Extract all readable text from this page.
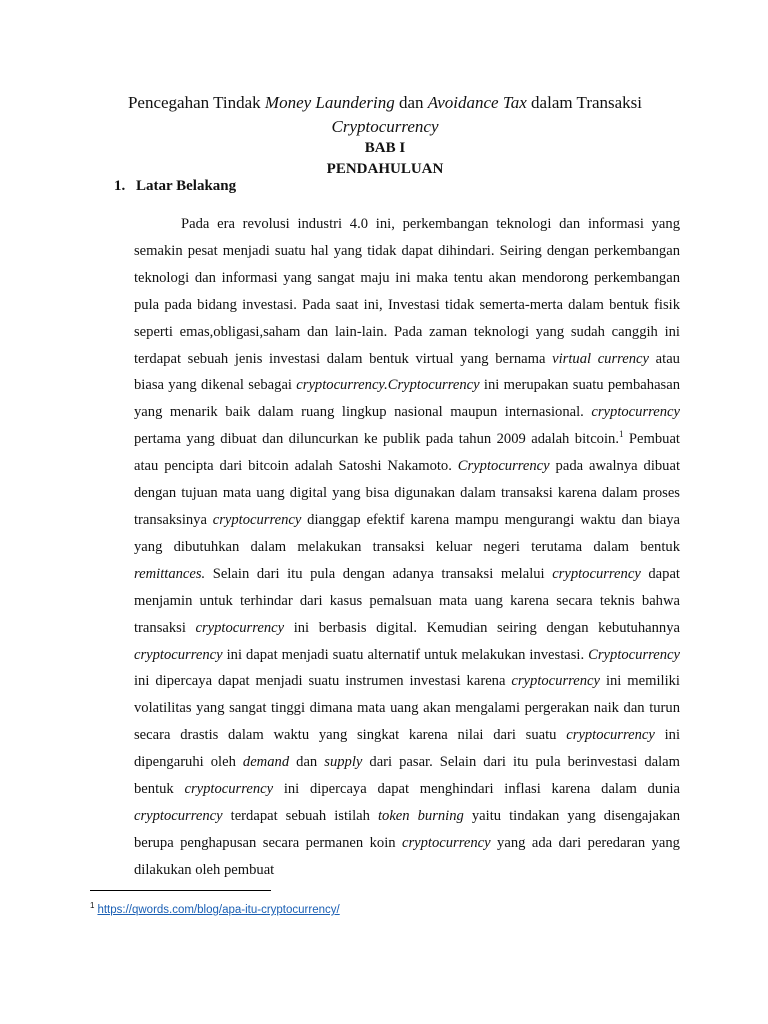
Pencegahan Tindak Money Laundering dan Avoidance Tax dalam Transaksi
Cryptocurrency
BAB I
PENDAHULUAN
1. Latar Belakang

Pada era revolusi industri 4.0 ini, perkembangan teknologi dan informasi yang semakin pesat menjadi suatu hal yang tidak dapat dihindari. Seiring dengan perkembangan teknologi dan informasi yang sangat maju ini maka tentu akan mendorong perkembangan pula pada bidang investasi. Pada saat ini, Investasi tidak semerta-merta dalam bentuk fisik seperti emas,obligasi,saham dan lain-lain. Pada zaman teknologi yang sudah canggih ini terdapat sebuah jenis investasi dalam bentuk virtual yang bernama virtual currency atau biasa yang dikenal sebagai cryptocurrency.Cryptocurrency ini merupakan suatu pembahasan yang menarik baik dalam ruang lingkup nasional maupun internasional. cryptocurrency pertama yang dibuat dan diluncurkan ke publik pada tahun 2009 adalah bitcoin.$^1$ Pembuat atau pencipta dari bitcoin adalah Satoshi Nakamoto. Cryptocurrency pada awalnya dibuat dengan tujuan mata uang digital yang bisa digunakan dalam transaksi karena dalam proses transaksinya cryptocurrency dianggap efektif karena mampu mengurangi waktu dan biaya yang dibutuhkan dalam melakukan transaksi keluar negeri terutama dalam bentuk remittances. Selain dari itu pula dengan adanya transaksi melalui cryptocurrency dapat menjamin untuk terhindar dari kasus pemalsuan mata uang karena secara teknis bahwa transaksi cryptocurrency ini berbasis digital. Kemudian seiring dengan kebutuhannya cryptocurrency ini dapat menjadi suatu alternatif untuk melakukan investasi. Cryptocurrency ini dipercaya dapat menjadi suatu instrumen investasi karena cryptocurrency ini memiliki volatilitas yang sangat tinggi dimana mata uang akan mengalami pergerakan naik dan turun secara drastis dalam waktu yang singkat karena nilai dari suatu cryptocurrency ini dipengaruhi oleh demand dan supply dari pasar. Selain dari itu pula berinvestasi dalam bentuk cryptocurrency ini dipercaya dapat menghindari inflasi karena dalam dunia cryptocurrency terdapat sebuah istilah token burning yaitu tindakan yang disengajakan berupa penghapusan secara permanen koin cryptocurrency yang ada dari peredaran yang dilakukan oleh pembuat

$^1$ https://qwords.com/blog/apa-itu-cryptocurrency/
